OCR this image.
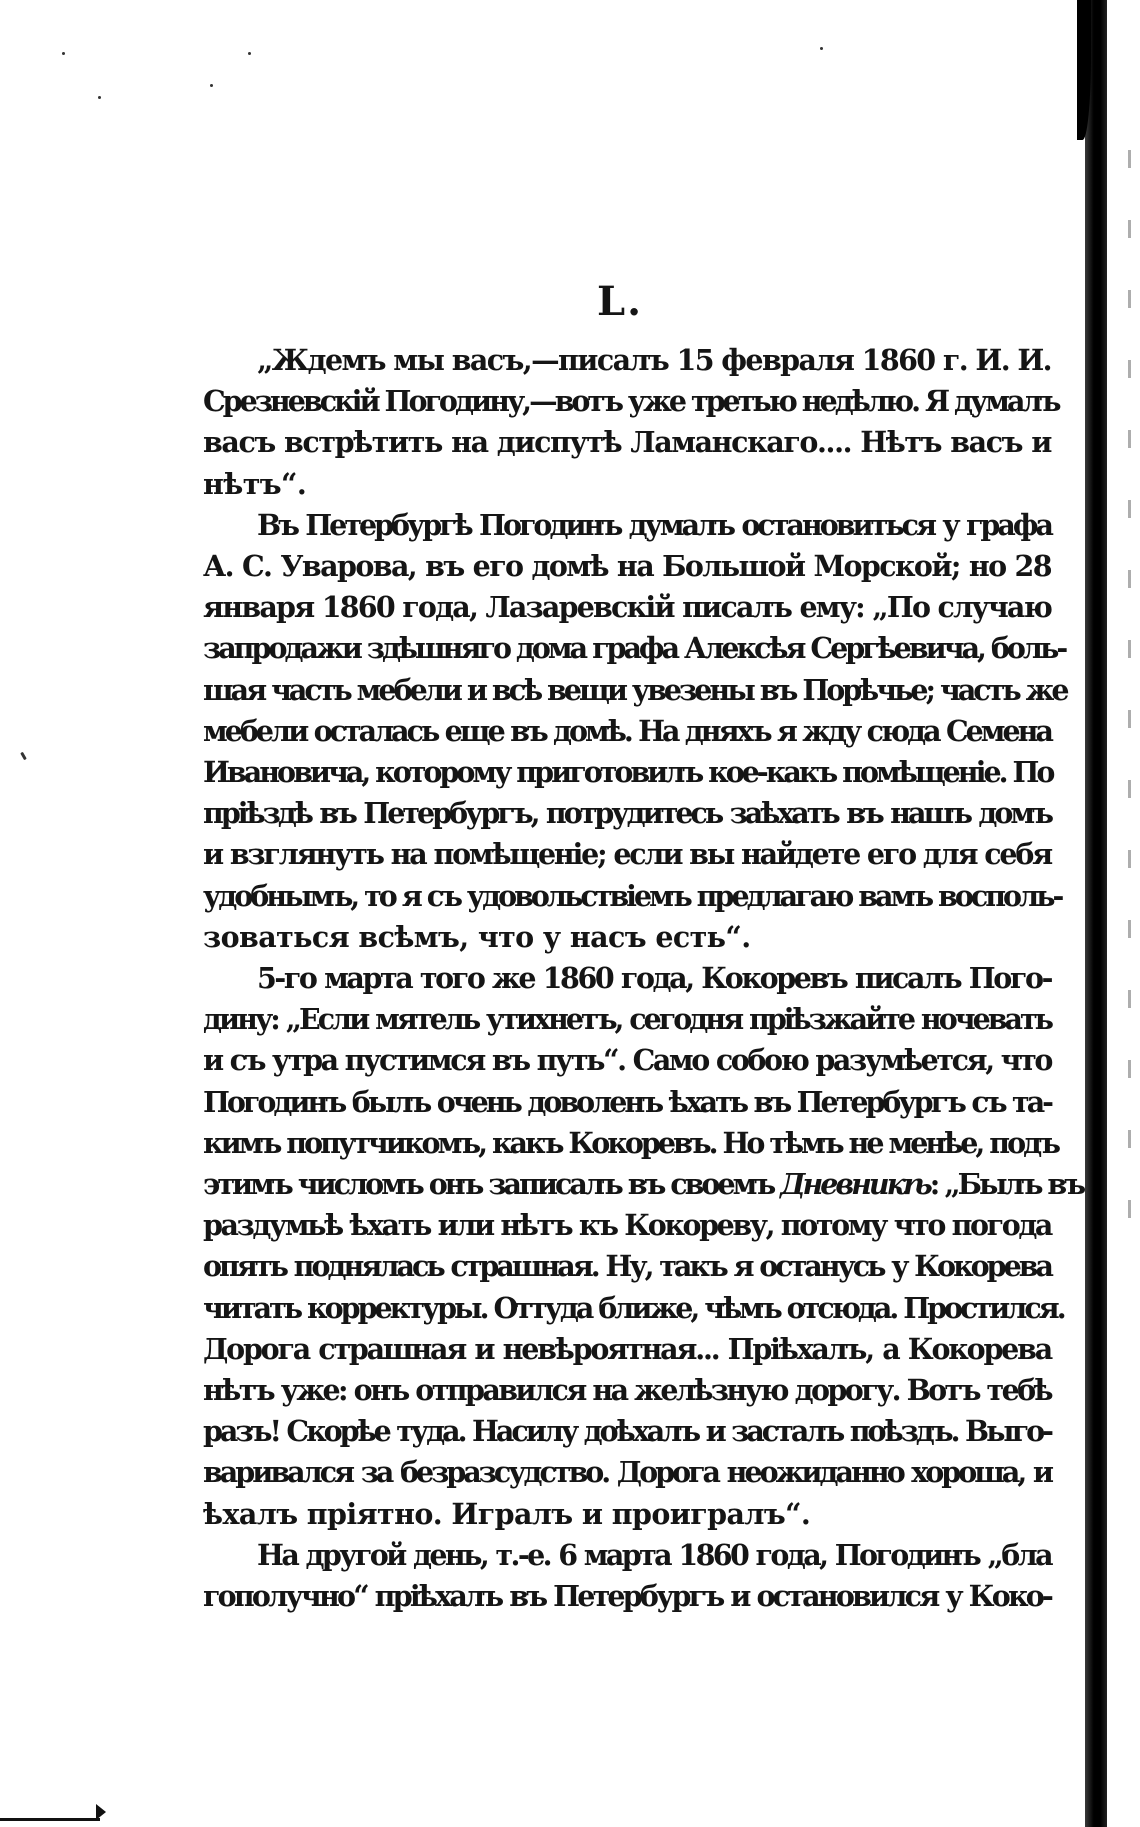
L.
„Ждемъ мы васъ,—писалъ 15 февраля 1860 г. И. И.
Срезневскій Погодину,—вотъ уже третью недѣлю. Я думалъ
васъ встрѣтить на диспутѣ Ламанскаго.... Нѣтъ васъ и
нѣтъ“.
Въ Петербургѣ Погодинъ думалъ остановиться у графа
А. С. Уварова, въ его домѣ на Большой Морской; но 28
января 1860 года, Лазаревскій писалъ ему: „По случаю
запродажи здѣшняго дома графа Алексѣя Сергѣевича, боль-
шая часть мебели и всѣ вещи увезены въ Порѣчье; часть же
мебели осталась еще въ домѣ. На дняхъ я жду сюда Семена
Ивановича, которому приготовилъ кое-какъ помѣщеніе. По
пріѣздѣ въ Петербургъ, потрудитесь заѣхать въ нашъ домъ
и взглянуть на помѣщеніе; если вы найдете его для себя
удобнымъ, то я съ удовольствіемъ предлагаю вамъ восполь-
зоваться всѣмъ, что у насъ есть“.
5-го марта того же 1860 года, Кокоревъ писалъ Пого-
дину: „Если мятель утихнетъ, сегодня пріѣзжайте ночевать
и съ утра пустимся въ путь“. Само собою разумѣется, что
Погодинъ былъ очень доволенъ ѣхать въ Петербургъ съ та-
кимъ попутчикомъ, какъ Кокоревъ. Но тѣмъ не менѣе, подъ
этимъ числомъ онъ записалъ въ своемъ Дневникѣ: „Былъ въ
раздумьѣ ѣхать или нѣтъ къ Кокореву, потому что погода
опять поднялась страшная. Ну, такъ я останусь у Кокорева
читать корректуры. Оттуда ближе, чѣмъ отсюда. Простился.
Дорога страшная и невѣроятная... Пріѣхалъ, а Кокорева
нѣтъ уже: онъ отправился на желѣзную дорогу. Вотъ тебѣ
разъ! Скорѣе туда. Насилу доѣхалъ и засталъ поѣздъ. Выго-
варивался за безразсудство. Дорога неожиданно хороша, и
ѣхалъ пріятно. Игралъ и проигралъ“.
На другой день, т.-е. 6 марта 1860 года, Погодинъ „бла
гополучно“ пріѣхалъ въ Петербургъ и остановился у Коко-
